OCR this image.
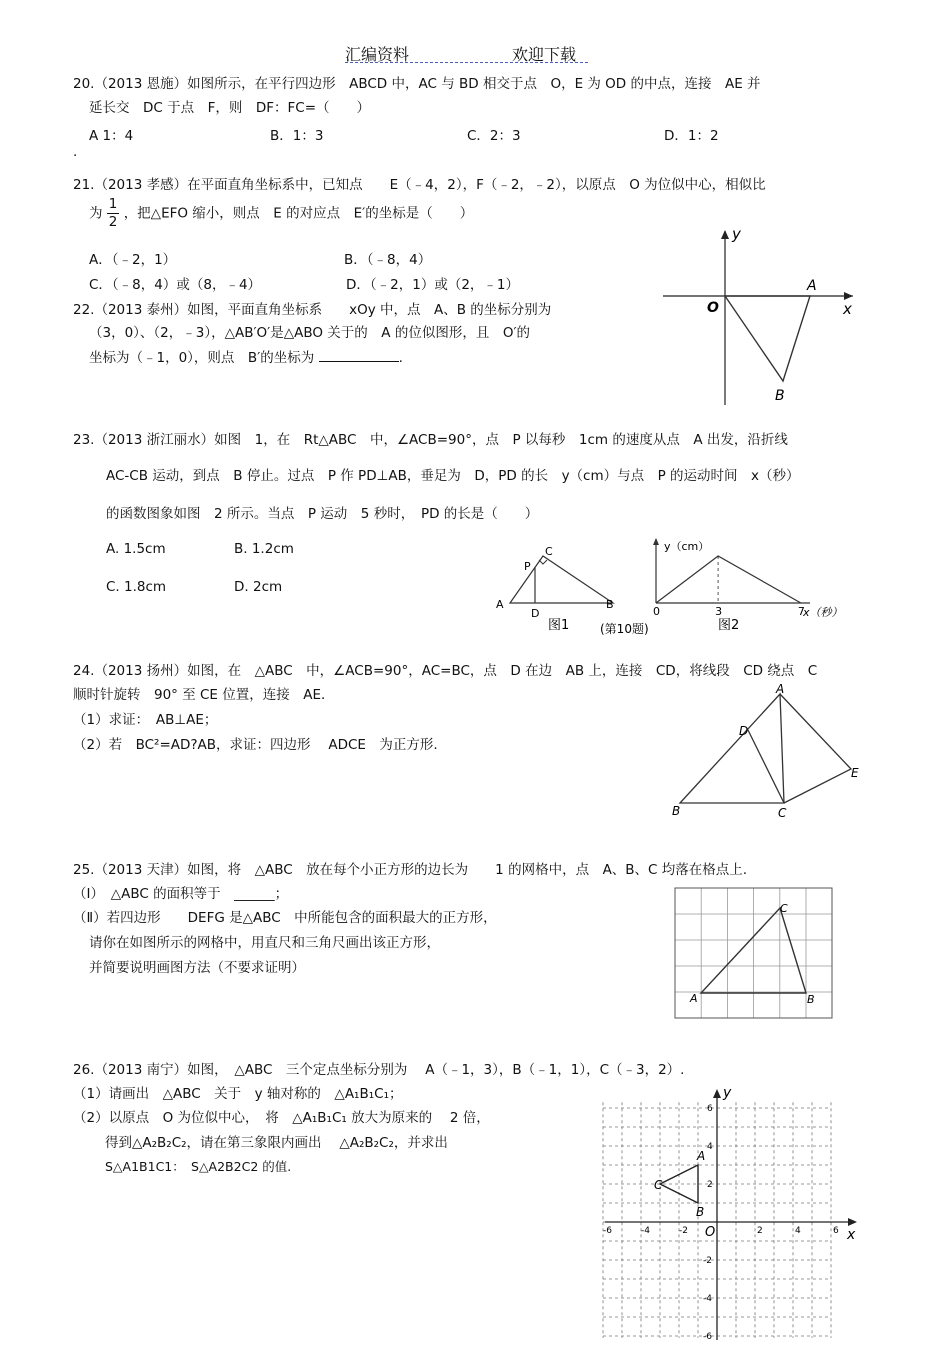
汇编资料	欢迎下载
20.（2013 恩施）如图所示，在平行四边形　ABCD 中，AC 与 BD 相交于点　O，E 为 OD 的中点，连接　AE 并
延长交　DC 于点　F，则　DF：FC=（　　）
A 1：4	B．1：3	C．2：3	D．1：2
.
21.（2013 孝感）在平面直角坐标系中，已知点　　E（﹣4，2），F（﹣2，﹣2），以原点　O 为位似中心，相似比
为 $\frac{1}{2}$ ，把△EFO 缩小，则点　E 的对应点　E′的坐标是（　　）
A．（﹣2，1）	B．（﹣8，4）
C．（﹣8，4）或（8，﹣4）	D．（﹣2，1）或（2，﹣1）
22.（2013 泰州）如图，平面直角坐标系　　xOy 中，点　A、B 的坐标分别为
（3，0）、（2，﹣3），△AB′O′是△ABO 关于的　A 的位似图形，且　O′的
坐标为（﹣1，0），则点　B′的坐标为	.
y
x
O
A
B
23.（2013 浙江丽水）如图　1，在　Rt△ABC　中，∠ACB=90°，点　P 以每秒　1cm 的速度从点　A 出发，沿折线
AC-CB 运动，到点　B 停止。过点　P 作 PD⊥AB，垂足为　D，PD 的长　y（cm）与点　P 的运动时间　x（秒）
的函数图象如图　2 所示。当点　P 运动　5 秒时，　PD 的长是（　　）
A. 1.5cm	B. 1.2cm
C. 1.8cm	D. 2cm
C
P
A
D
B
图1	(第10题)
y（cm）
0	3	7
x（秒）
图2
24.（2013 扬州）如图，在　△ABC　中，∠ACB=90°，AC=BC，点　D 在边　AB 上，连接　CD，将线段　CD 绕点　C
顺时针旋转　90° 至 CE 位置，连接　AE．
（1）求证：　AB⊥AE；
（2）若　BC²=AD?AB，求证：四边形　 ADCE　为正方形.
A
D
E
B	C
25.（2013 天津）如图，将　△ABC　放在每个小正方形的边长为　　1 的网格中，点　A、B、C 均落在格点上.
（Ⅰ）　△ABC 的面积等于　______；
（Ⅱ）若四边形　　DEFG 是△ABC　中所能包含的面积最大的正方形，
请你在如图所示的网格中，用直尺和三角尺画出该正方形，
并简要说明画图方法（不要求证明）
A	B
C
26.（2013 南宁）如图，　△ABC　三个定点坐标分别为　 A（﹣1，3），B（﹣1，1），C（﹣3，2）.
（1）请画出　△ABC　关于　y 轴对称的　△A₁B₁C₁；
（2）以原点　O 为位似中心，　将　△A₁B₁C₁ 放大为原来的　 2 倍，
得到△A₂B₂C₂，请在第三象限内画出　 △A₂B₂C₂，并求出
S△A1B1C1：　S△A2B2C2 的值.
y
x
O
A
B
C
-6	-4	-2	2	4	6
6
4
2
-2
-4
-6
